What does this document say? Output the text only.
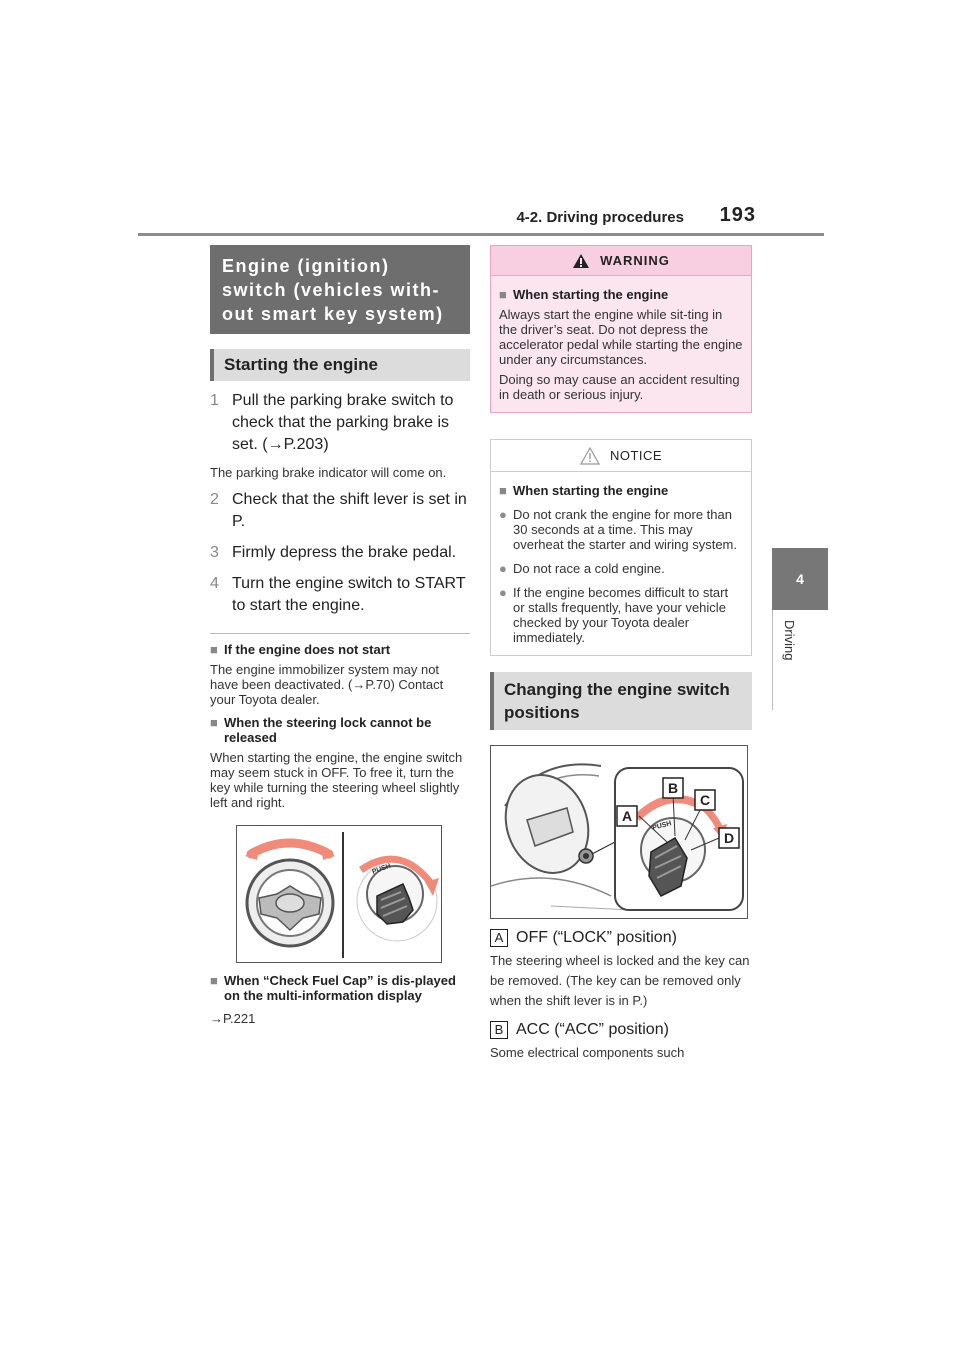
4-2. Driving procedures 193
4
Driving
Engine (ignition) switch (vehicles with-out smart key system)
Starting the engine
1 Pull the parking brake switch to check that the parking brake is set. (→P.203)
The parking brake indicator will come on.
2 Check that the shift lever is set in P.
3 Firmly depress the brake pedal.
4 Turn the engine switch to START to start the engine.
■ If the engine does not start
The engine immobilizer system may not have been deactivated. (→P.70) Contact your Toyota dealer.
■ When the steering lock cannot be released
When starting the engine, the engine switch may seem stuck in OFF. To free it, turn the key while turning the steering wheel slightly left and right.
PUSH
■ When “Check Fuel Cap” is dis-played on the multi-information display
→P.221
WARNING
■ When starting the engine
Always start the engine while sit-ting in the driver’s seat. Do not depress the accelerator pedal while starting the engine under any circumstances.
Doing so may cause an accident resulting in death or serious injury.
NOTICE
■ When starting the engine
● Do not crank the engine for more than 30 seconds at a time. This may overheat the starter and wiring system.
● Do not race a cold engine.
● If the engine becomes difficult to start or stalls frequently, have your vehicle checked by your Toyota dealer immediately.
Changing the engine switch positions
PUSH
A
B
C
D
A OFF (“LOCK” position)
The steering wheel is locked and the key can be removed. (The key can be removed only when the shift lever is in P.)
B ACC (“ACC” position)
Some electrical components such
